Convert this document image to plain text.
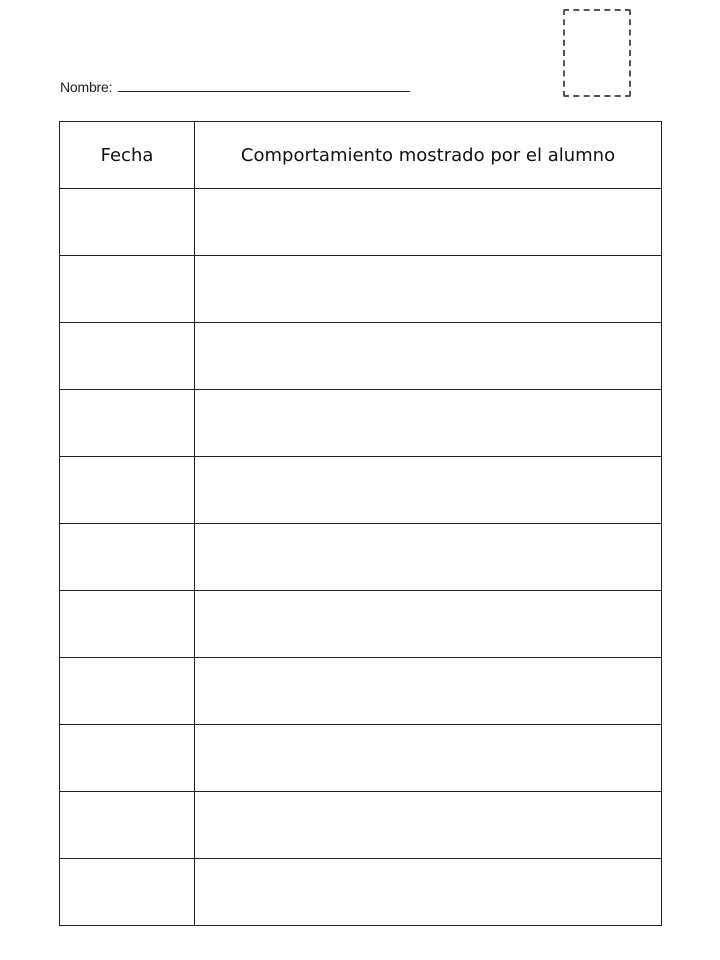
Nombre:
Fecha	Comportamiento mostrado por el alumno
